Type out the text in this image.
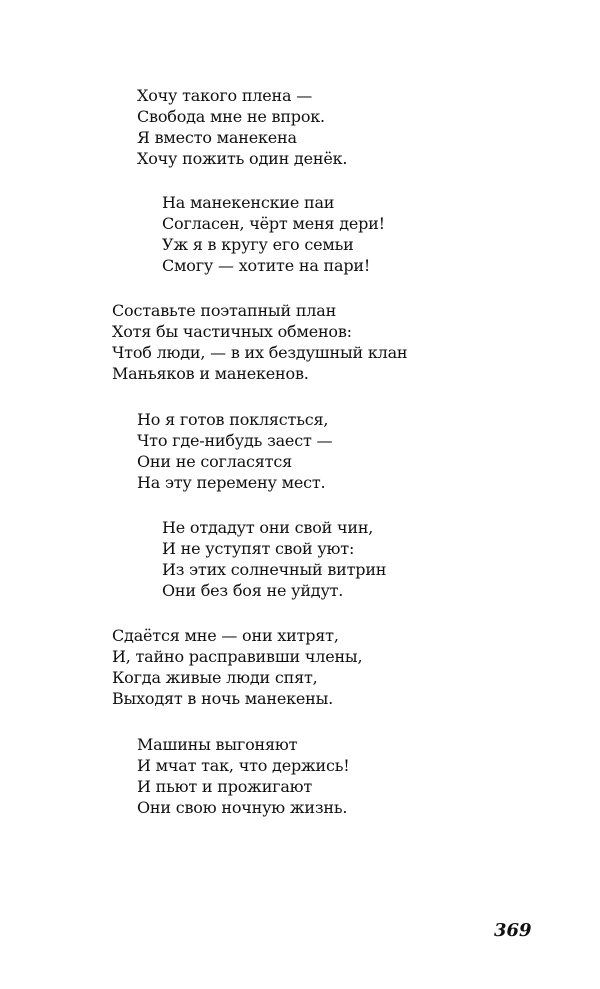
Хочу такого плена —
Свобода мне не впрок.
Я вместо манекена
Хочу пожить один денёк.
На манекенские паи
Согласен, чёрт меня дери!
Уж я в кругу его семьи
Смогу — хотите на пари!
Составьте поэтапный план
Хотя бы частичных обменов:
Чтоб люди, — в их бездушный клан
Маньяков и манекенов.
Но я готов поклясться,
Что где-нибудь заест —
Они не согласятся
На эту перемену мест.
Не отдадут они свой чин,
И не уступят свой уют:
Из этих солнечный витрин
Они без боя не уйдут.
Сдаётся мне — они хитрят,
И, тайно расправивши члены,
Когда живые люди спят,
Выходят в ночь манекены.
Машины выгоняют
И мчат так, что держись!
И пьют и прожигают
Они свою ночную жизнь.
369
